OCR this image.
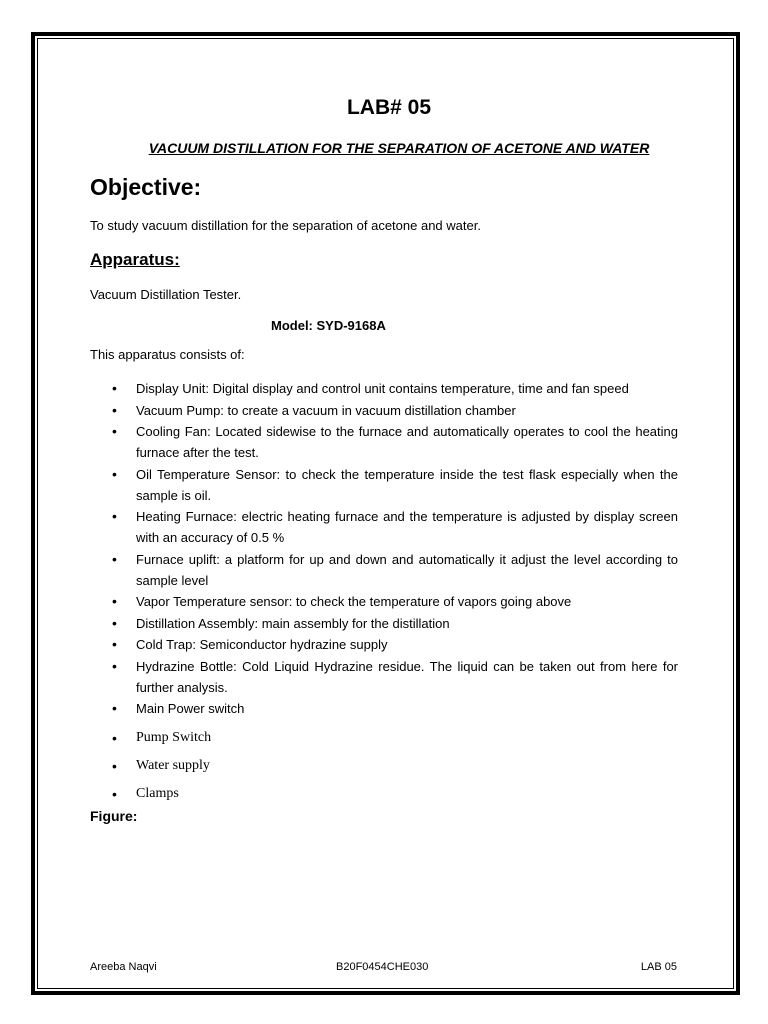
LAB# 05
VACUUM DISTILLATION FOR THE SEPARATION OF ACETONE AND WATER
Objective:
To study vacuum distillation for the separation of acetone and water.
Apparatus:
Vacuum Distillation Tester.
Model: SYD-9168A
This apparatus consists of:
• Display Unit: Digital display and control unit contains temperature, time and fan speed
• Vacuum Pump: to create a vacuum in vacuum distillation chamber
• Cooling Fan: Located sidewise to the furnace and automatically operates to cool the heating furnace after the test.
• Oil Temperature Sensor: to check the temperature inside the test flask especially when the sample is oil.
• Heating Furnace: electric heating furnace and the temperature is adjusted by display screen with an accuracy of 0.5 %
• Furnace uplift: a platform for up and down and automatically it adjust the level according to sample level
• Vapor Temperature sensor: to check the temperature of vapors going above
• Distillation Assembly: main assembly for the distillation
• Cold Trap: Semiconductor hydrazine supply
• Hydrazine Bottle: Cold Liquid Hydrazine residue. The liquid can be taken out from here for further analysis.
• Main Power switch
• Pump Switch
• Water supply
• Clamps
Figure:
Areeba Naqvi	B20F0454CHE030	LAB 05
